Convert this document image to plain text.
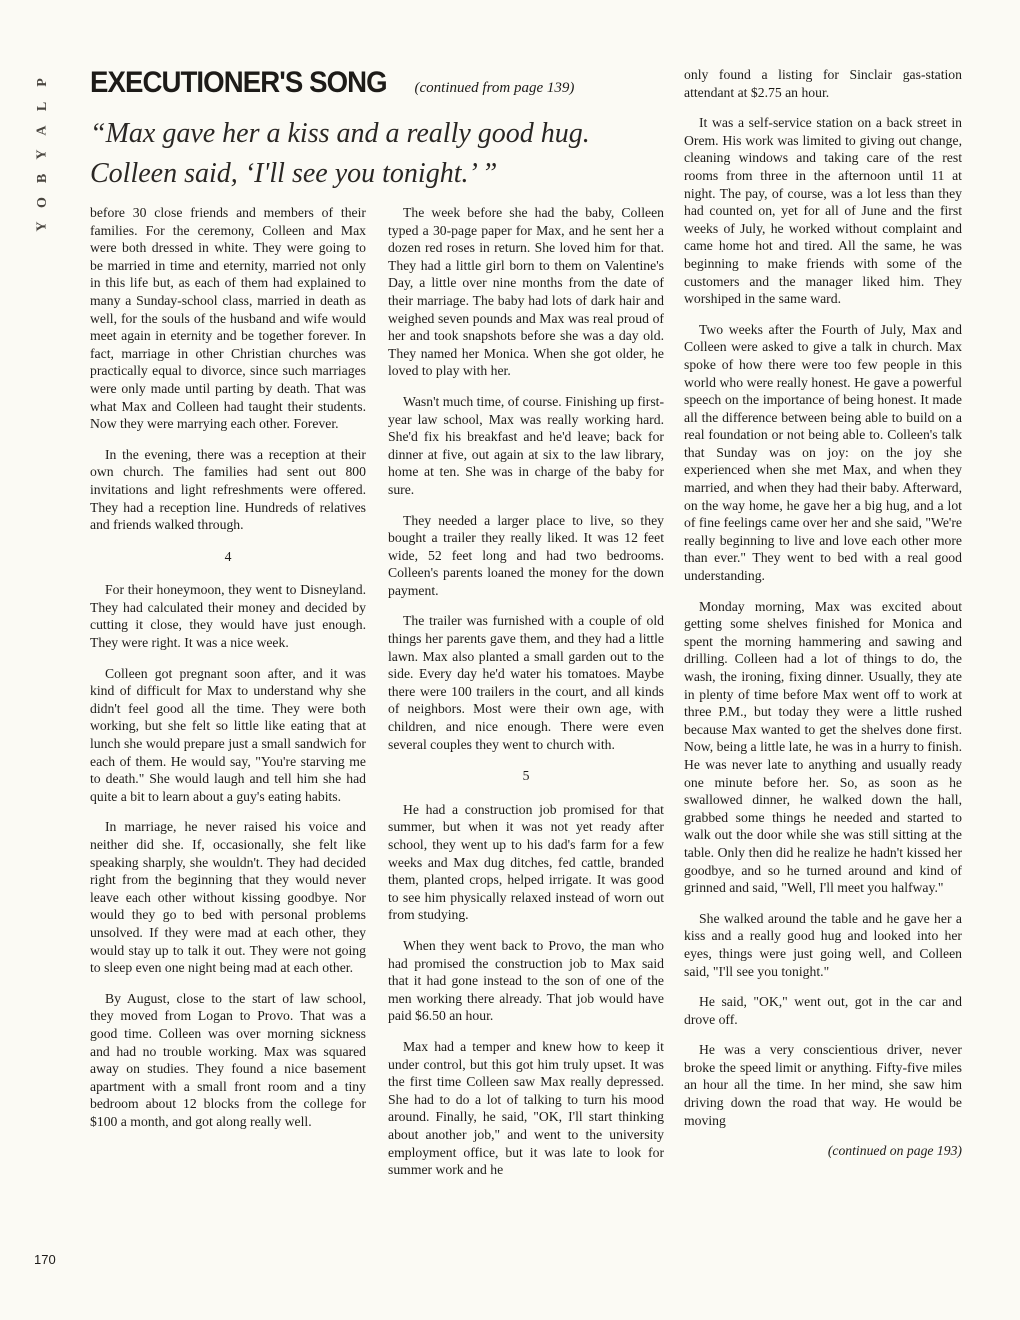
P
L
A
Y
B
O
Y
EXECUTIONER'S SONG (continued from page 139)
“Max gave her a kiss and a really good hug. Colleen said, ‘I'll see you tonight.’ ”

before 30 close friends and members of their families. For the ceremony, Colleen and Max were both dressed in white. They were going to be married in time and eternity, married not only in this life but, as each of them had explained to many a Sunday-school class, married in death as well, for the souls of the husband and wife would meet again in eternity and be together forever. In fact, marriage in other Christian churches was practically equal to divorce, since such marriages were only made until parting by death. That was what Max and Colleen had taught their students. Now they were marrying each other. Forever.

In the evening, there was a reception at their own church. The families had sent out 800 invitations and light refreshments were offered. They had a reception line. Hundreds of relatives and friends walked through.

4

For their honeymoon, they went to Disneyland. They had calculated their money and decided by cutting it close, they would have just enough. They were right. It was a nice week.

Colleen got pregnant soon after, and it was kind of difficult for Max to understand why she didn't feel good all the time. They were both working, but she felt so little like eating that at lunch she would prepare just a small sandwich for each of them. He would say, "You're starving me to death." She would laugh and tell him she had quite a bit to learn about a guy's eating habits.

In marriage, he never raised his voice and neither did she. If, occasionally, she felt like speaking sharply, she wouldn't. They had decided right from the beginning that they would never leave each other without kissing goodbye. Nor would they go to bed with personal problems unsolved. If they were mad at each other, they would stay up to talk it out. They were not going to sleep even one night being mad at each other.

By August, close to the start of law school, they moved from Logan to Provo. That was a good time. Colleen was over morning sickness and had no trouble working. Max was squared away on studies. They found a nice basement apartment with a small front room and a tiny bedroom about 12 blocks from the college for $100 a month, and got along really well.

The week before she had the baby, Colleen typed a 30-page paper for Max, and he sent her a dozen red roses in return. She loved him for that. They had a little girl born to them on Valentine's Day, a little over nine months from the date of their marriage. The baby had lots of dark hair and weighed seven pounds and Max was real proud of her and took snapshots before she was a day old. They named her Monica. When she got older, he loved to play with her.

Wasn't much time, of course. Finishing up first-year law school, Max was really working hard. She'd fix his breakfast and he'd leave; back for dinner at five, out again at six to the law library, home at ten. She was in charge of the baby for sure.

They needed a larger place to live, so they bought a trailer they really liked. It was 12 feet wide, 52 feet long and had two bedrooms. Colleen's parents loaned the money for the down payment.

The trailer was furnished with a couple of old things her parents gave them, and they had a little lawn. Max also planted a small garden out to the side. Every day he'd water his tomatoes. Maybe there were 100 trailers in the court, and all kinds of neighbors. Most were their own age, with children, and nice enough. There were even several couples they went to church with.

5

He had a construction job promised for that summer, but when it was not yet ready after school, they went up to his dad's farm for a few weeks and Max dug ditches, fed cattle, branded them, planted crops, helped irrigate. It was good to see him physically relaxed instead of worn out from studying.

When they went back to Provo, the man who had promised the construction job to Max said that it had gone instead to the son of one of the men working there already. That job would have paid $6.50 an hour.

Max had a temper and knew how to keep it under control, but this got him truly upset. It was the first time Colleen saw Max really depressed. She had to do a lot of talking to turn his mood around. Finally, he said, "OK, I'll start thinking about another job," and went to the university employment office, but it was late to look for summer work and he

only found a listing for Sinclair gas-station attendant at $2.75 an hour.

It was a self-service station on a back street in Orem. His work was limited to giving out change, cleaning windows and taking care of the rest rooms from three in the afternoon until 11 at night. The pay, of course, was a lot less than they had counted on, yet for all of June and the first weeks of July, he worked without complaint and came home hot and tired. All the same, he was beginning to make friends with some of the customers and the manager liked him. They worshiped in the same ward.

Two weeks after the Fourth of July, Max and Colleen were asked to give a talk in church. Max spoke of how there were too few people in this world who were really honest. He gave a powerful speech on the importance of being honest. It made all the difference between being able to build on a real foundation or not being able to. Colleen's talk that Sunday was on joy: on the joy she experienced when she met Max, and when they married, and when they had their baby. Afterward, on the way home, he gave her a big hug, and a lot of fine feelings came over her and she said, "We're really beginning to live and love each other more than ever." They went to bed with a real good understanding.

Monday morning, Max was excited about getting some shelves finished for Monica and spent the morning hammering and sawing and drilling. Colleen had a lot of things to do, the wash, the ironing, fixing dinner. Usually, they ate in plenty of time before Max went off to work at three P.M., but today they were a little rushed because Max wanted to get the shelves done first. Now, being a little late, he was in a hurry to finish. He was never late to anything and usually ready one minute before her. So, as soon as he swallowed dinner, he walked down the hall, grabbed some things he needed and started to walk out the door while she was still sitting at the table. Only then did he realize he hadn't kissed her goodbye, and so he turned around and kind of grinned and said, "Well, I'll meet you halfway."

She walked around the table and he gave her a kiss and a really good hug and looked into her eyes, things were just going well, and Colleen said, "I'll see you tonight."

He said, "OK," went out, got in the car and drove off.

He was a very conscientious driver, never broke the speed limit or anything. Fifty-five miles an hour all the time. In her mind, she saw him driving down the road that way. He would be moving

(continued on page 193)

170
